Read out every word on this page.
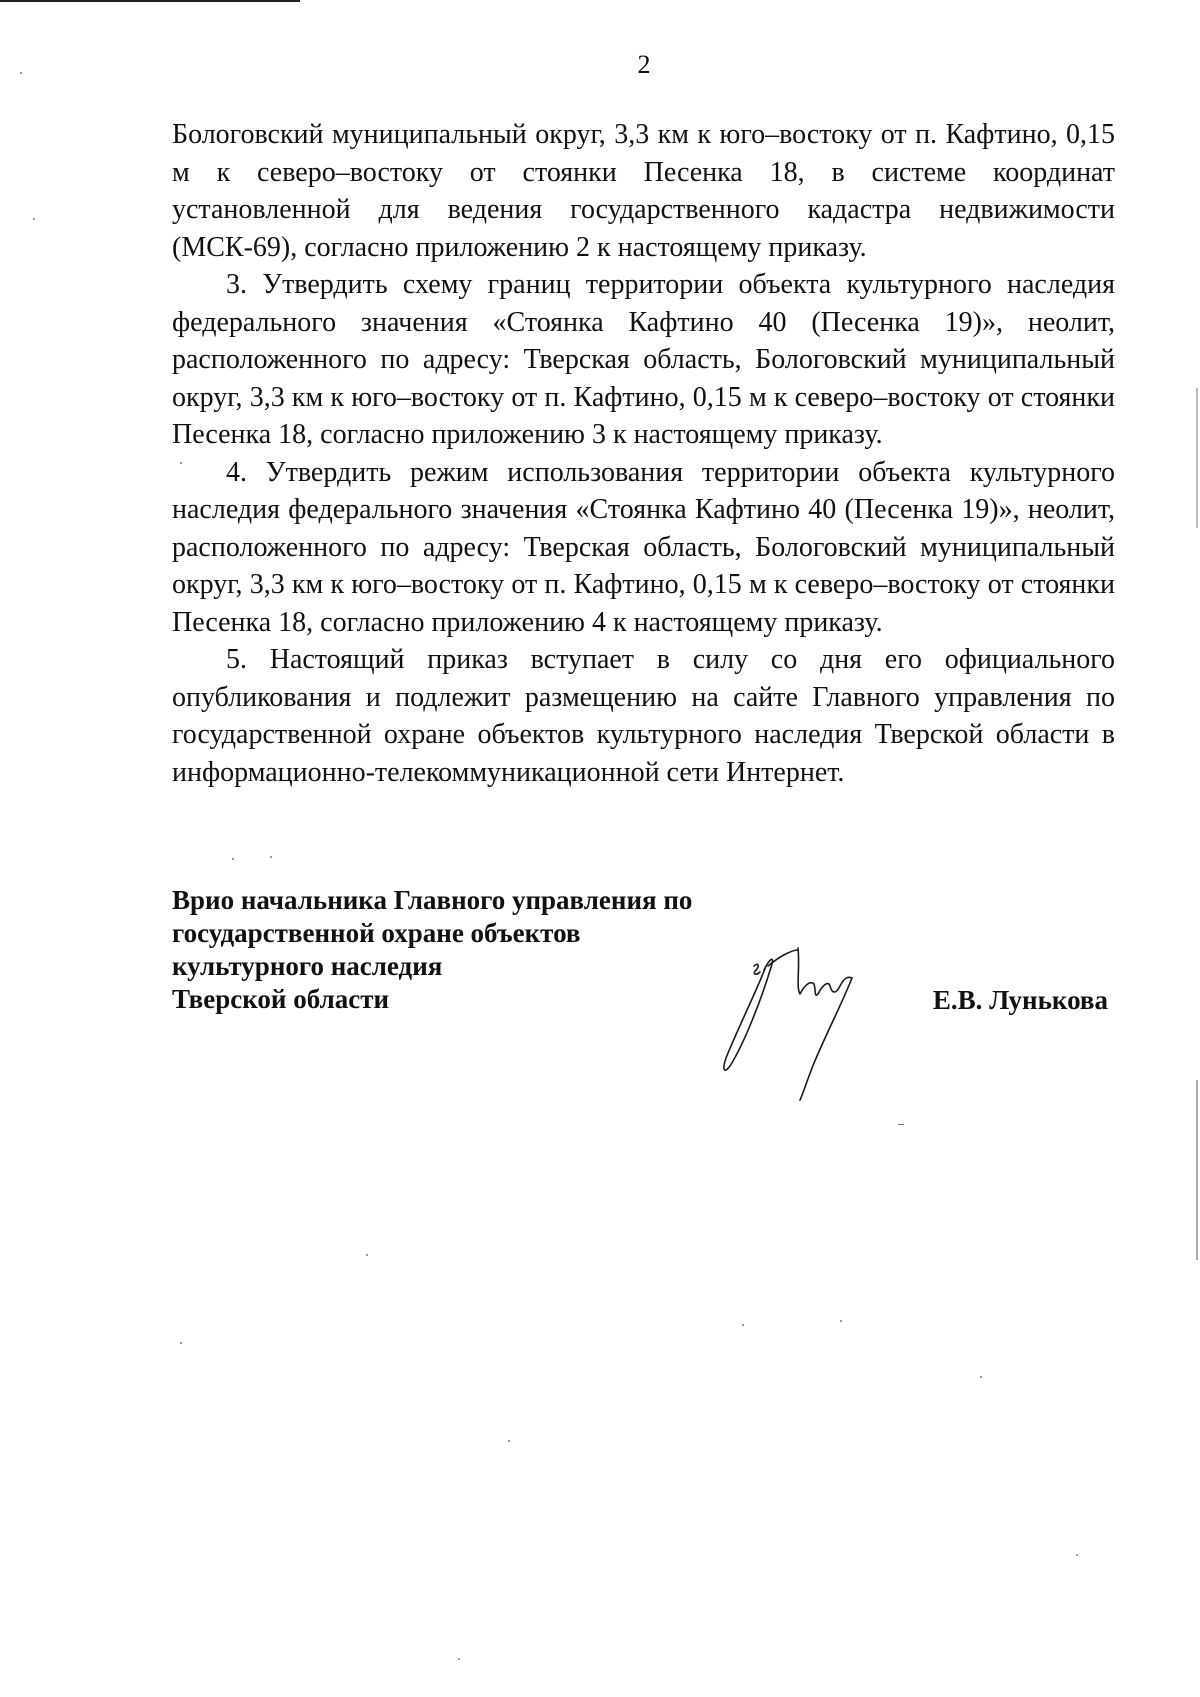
2

Бологовский муниципальный округ, 3,3 км к юго–востоку от п. Кафтино, 0,15 м к северо–востоку от стоянки Песенка 18, в системе координат установленной для ведения государственного кадастра недвижимости (МСК-69), согласно приложению 2 к настоящему приказу.

3. Утвердить схему границ территории объекта культурного наследия федерального значения «Стоянка Кафтино 40 (Песенка 19)», неолит, расположенного по адресу: Тверская область, Бологовский муниципальный округ, 3,3 км к юго–востоку от п. Кафтино, 0,15 м к северо–востоку от стоянки Песенка 18, согласно приложению 3 к настоящему приказу.

4. Утвердить режим использования территории объекта культурного наследия федерального значения «Стоянка Кафтино 40 (Песенка 19)», неолит, расположенного по адресу: Тверская область, Бологовский муниципальный округ, 3,3 км к юго–востоку от п. Кафтино, 0,15 м к северо–востоку от стоянки Песенка 18, согласно приложению 4 к настоящему приказу.

5. Настоящий приказ вступает в силу со дня его официального опубликования и подлежит размещению на сайте Главного управления по государственной охране объектов культурного наследия Тверской области в информационно-телекоммуникационной сети Интернет.

Врио начальника Главного управления по
государственной охране объектов
культурного наследия
Тверской области	Е.В. Лунькова
